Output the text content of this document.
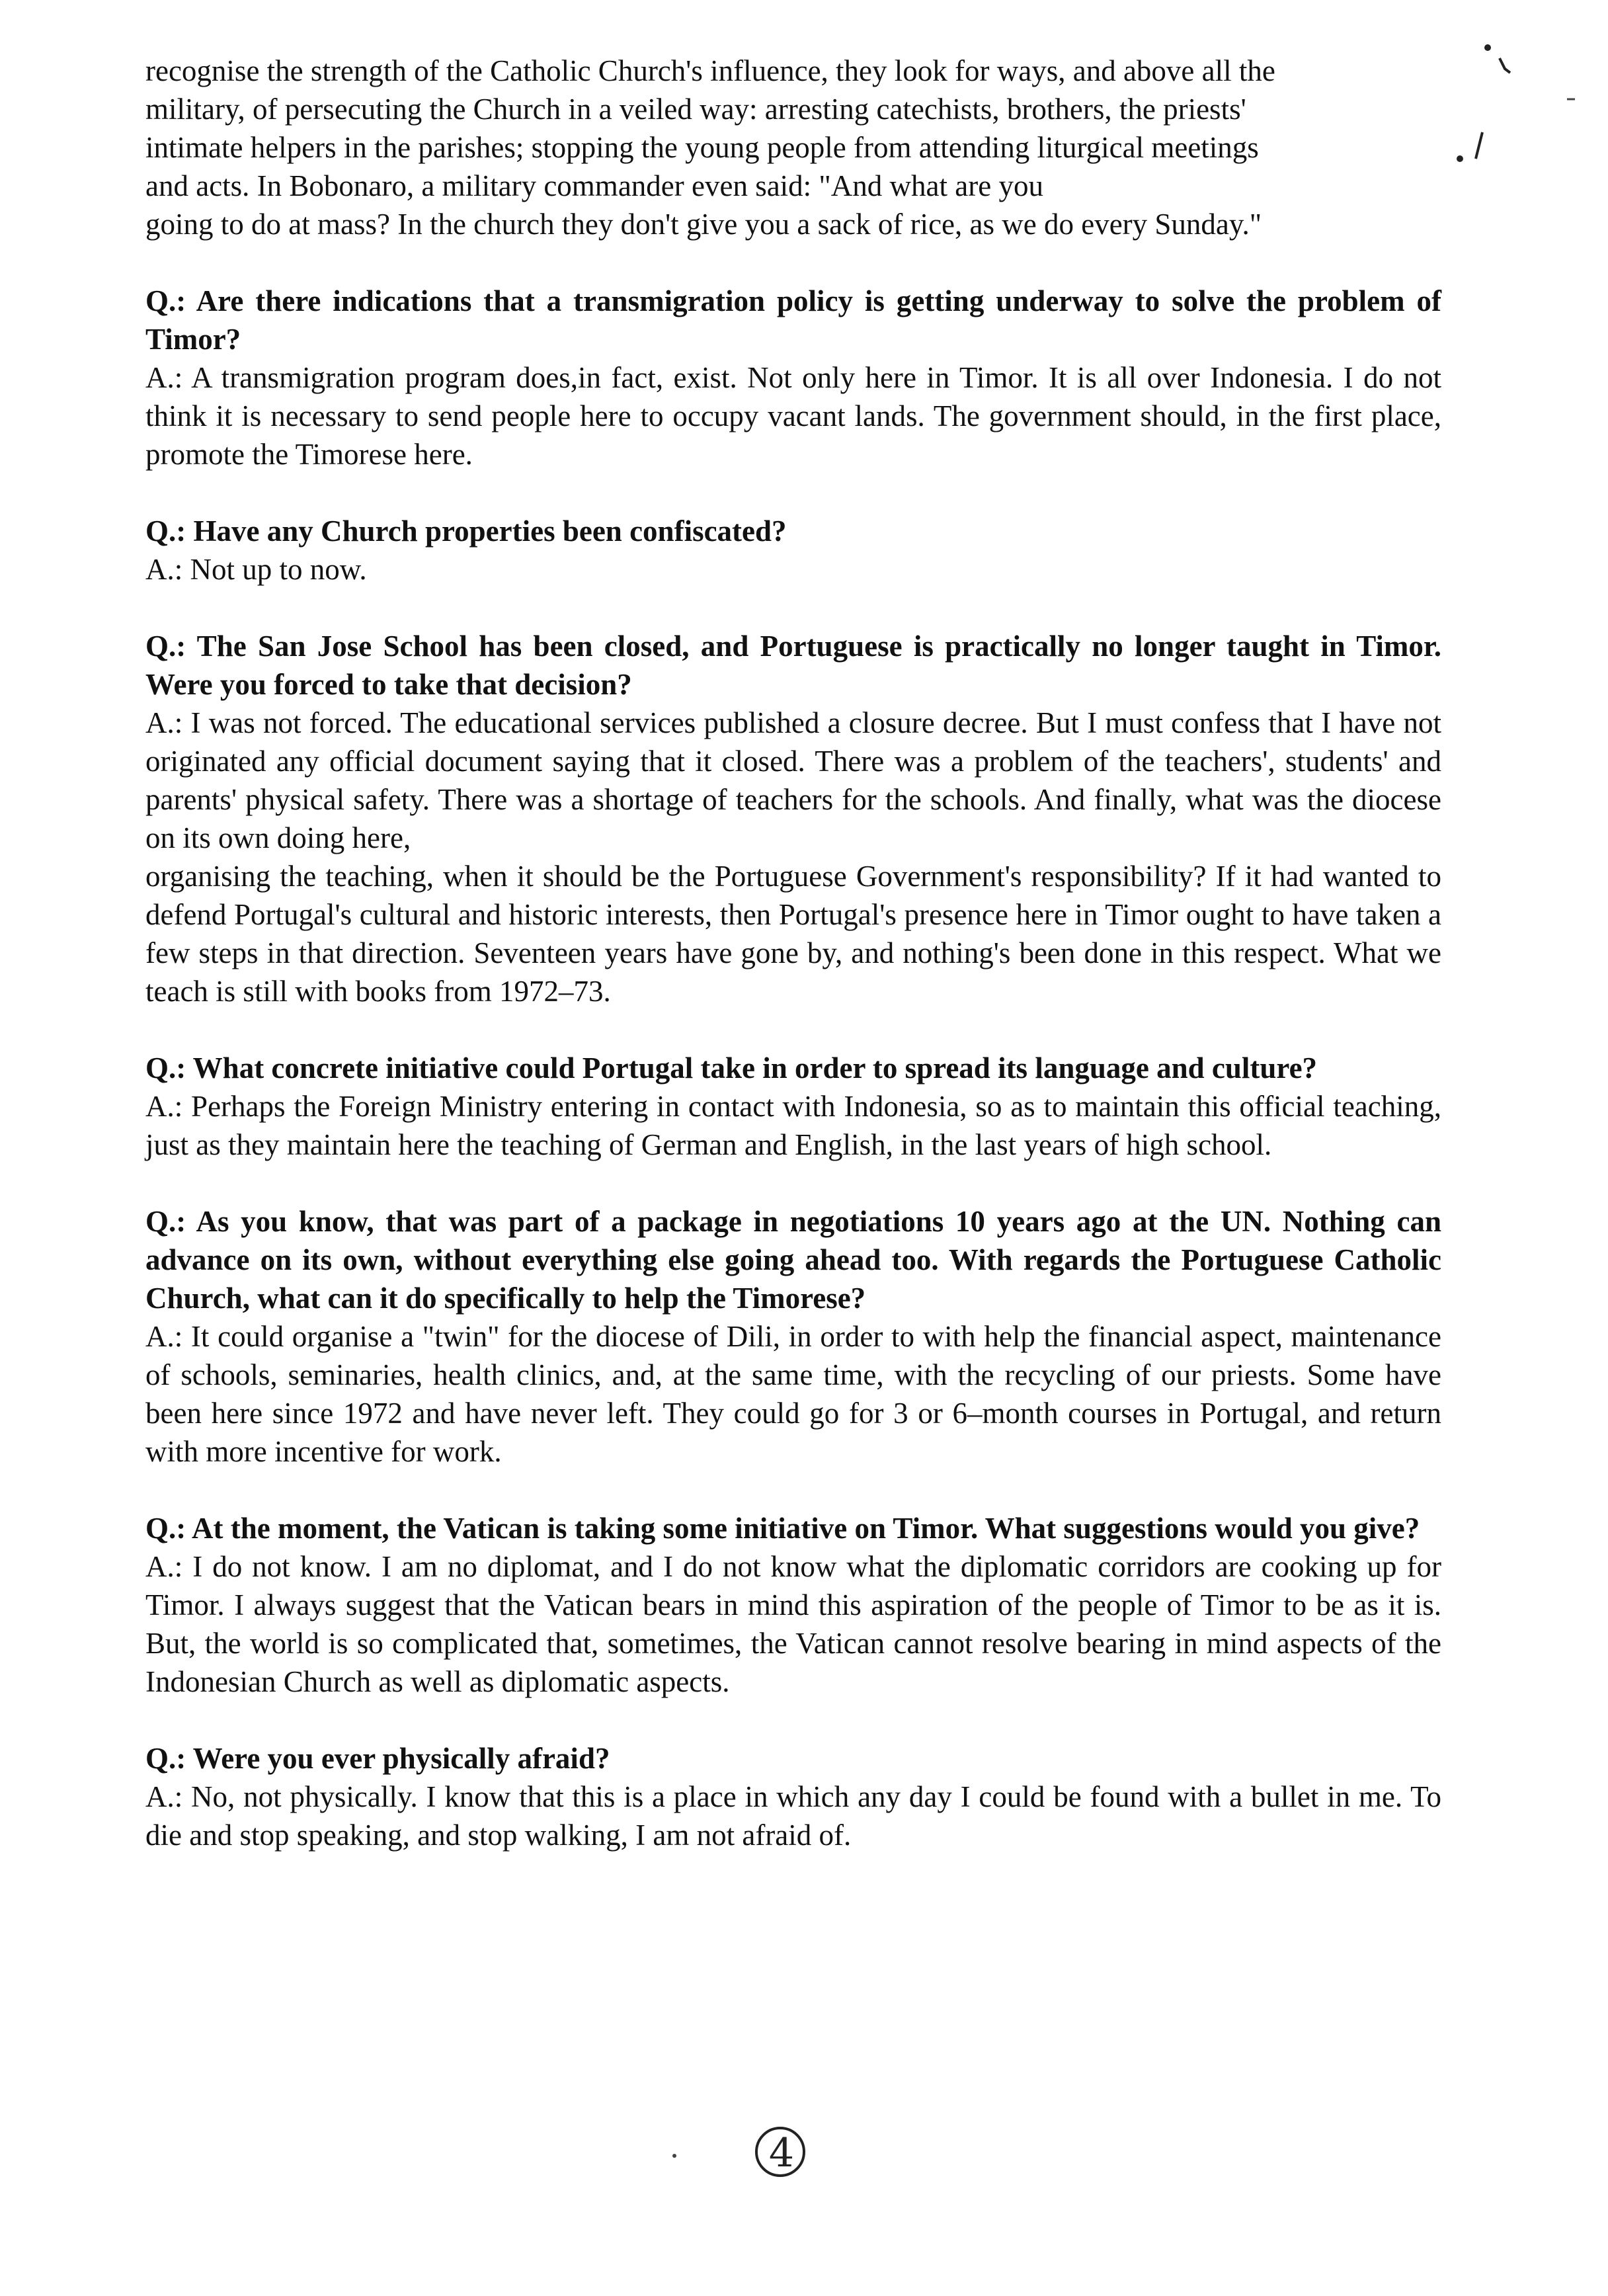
recognise the strength of the Catholic Church's influence, they look for ways, and above all the
military, of persecuting the Church in a veiled way: arresting catechists, brothers, the priests'
intimate helpers in the parishes; stopping the young people from attending liturgical meetings
and acts. In Bobonaro, a military commander even said: "And what are you
going to do at mass? In the church they don't give you a sack of rice, as we do every Sunday."

Q.: Are there indications that a transmigration policy is getting underway to solve the problem of Timor?

A.: A transmigration program does,in fact, exist. Not only here in Timor. It is all over Indonesia. I do not think it is necessary to send people here to occupy vacant lands. The government should, in the first place, promote the Timorese here.

Q.: Have any Church properties been confiscated?

A.: Not up to now.

Q.: The San Jose School has been closed, and Portuguese is practically no longer taught in Timor. Were you forced to take that decision?

A.: I was not forced. The educational services published a closure decree. But I must confess that I have not originated any official document saying that it closed. There was a problem of the teachers', students' and parents' physical safety. There was a shortage of teachers for the schools. And finally, what was the diocese on its own doing here,

organising the teaching, when it should be the Portuguese Government's responsibility? If it had wanted to defend Portugal's cultural and historic interests, then Portugal's presence here in Timor ought to have taken a few steps in that direction. Seventeen years have gone by, and nothing's been done in this respect. What we teach is still with books from 1972–73.

Q.: What concrete initiative could Portugal take in order to spread its language and culture?

A.: Perhaps the Foreign Ministry entering in contact with Indonesia, so as to maintain this official teaching, just as they maintain here the teaching of German and English, in the last years of high school.

Q.: As you know, that was part of a package in negotiations 10 years ago at the UN. Nothing can advance on its own, without everything else going ahead too. With regards the Portuguese Catholic Church, what can it do specifically to help the Timorese?

A.: It could organise a "twin" for the diocese of Dili, in order to with help the financial aspect, maintenance of schools, seminaries, health clinics, and, at the same time, with the recycling of our priests. Some have been here since 1972 and have never left. They could go for 3 or 6–month courses in Portugal, and return with more incentive for work.

Q.: At the moment, the Vatican is taking some initiative on Timor. What suggestions would you give?

A.: I do not know. I am no diplomat, and I do not know what the diplomatic corridors are cooking up for Timor. I always suggest that the Vatican bears in mind this aspiration of the people of Timor to be as it is. But, the world is so complicated that, sometimes, the Vatican cannot resolve bearing in mind aspects of the Indonesian Church as well as diplomatic aspects.

Q.: Were you ever physically afraid?

A.: No, not physically. I know that this is a place in which any day I could be found with a bullet in me. To die and stop speaking, and stop walking, I am not afraid of.

4
